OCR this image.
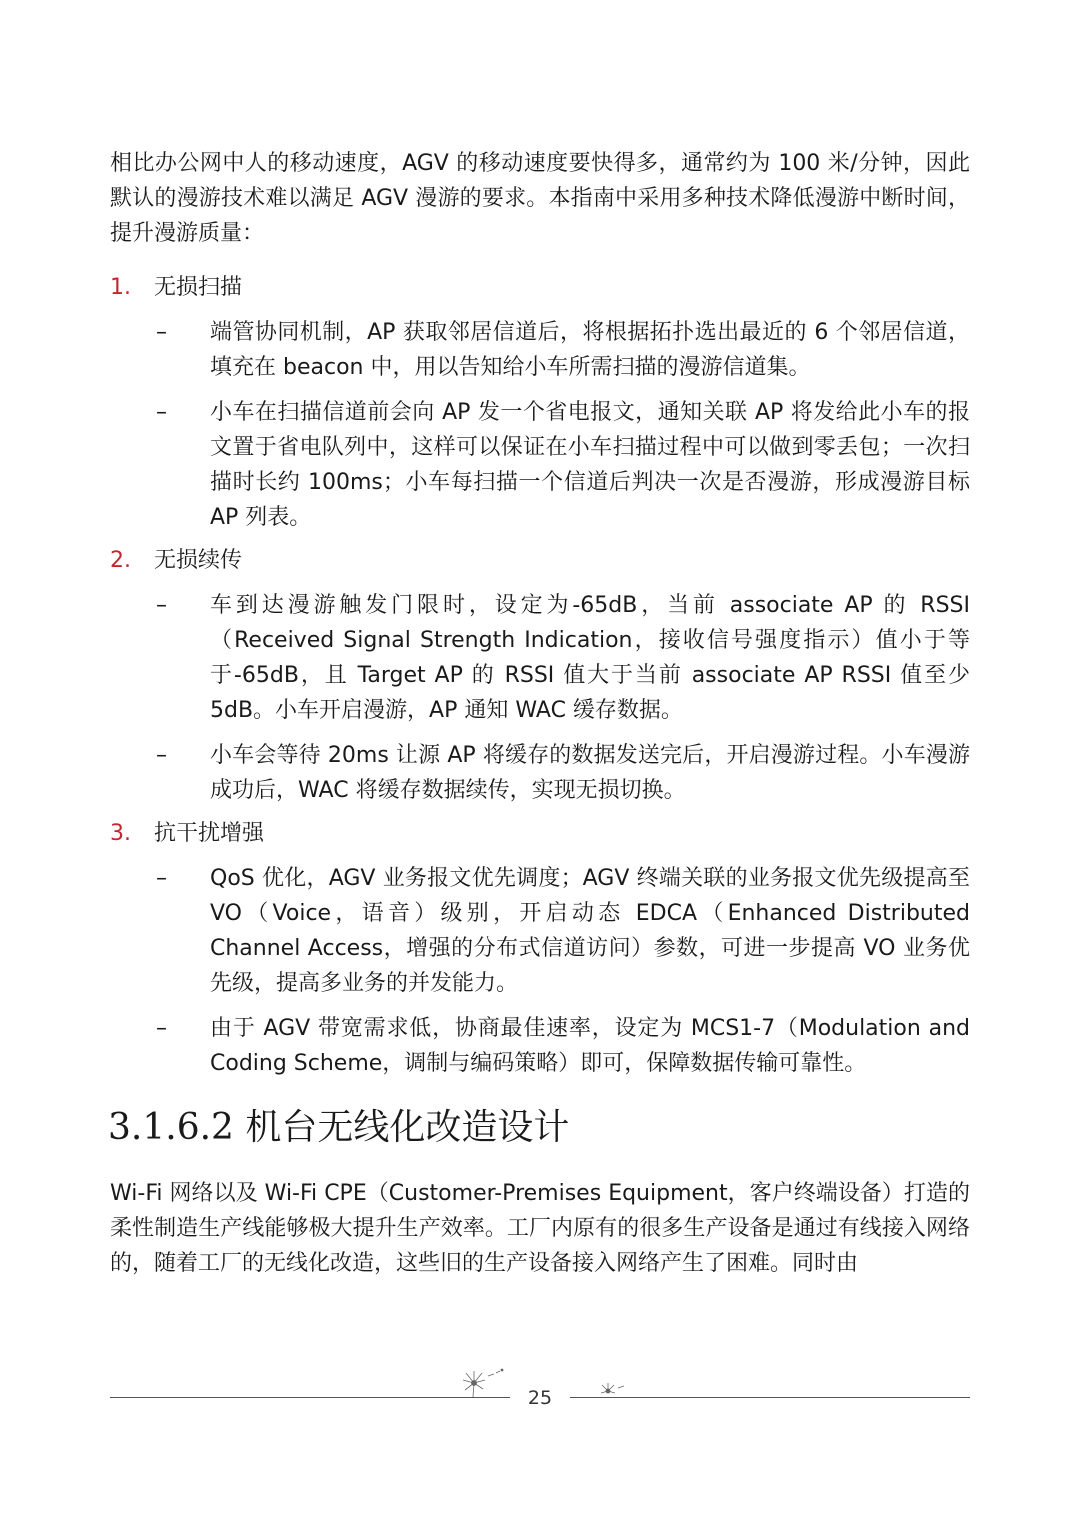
相比办公网中人的移动速度，AGV 的移动速度要快得多，通常约为 100 米/分钟，因此默认的漫游技术难以满足 AGV 漫游的要求。本指南中采用多种技术降低漫游中断时间，提升漫游质量：

1. 无损扫描
– 端管协同机制，AP 获取邻居信道后，将根据拓扑选出最近的 6 个邻居信道，填充在 beacon 中，用以告知给小车所需扫描的漫游信道集。
– 小车在扫描信道前会向 AP 发一个省电报文，通知关联 AP 将发给此小车的报文置于省电队列中，这样可以保证在小车扫描过程中可以做到零丢包；一次扫描时长约 100ms；小车每扫描一个信道后判决一次是否漫游，形成漫游目标 AP 列表。
2. 无损续传
– 车到达漫游触发门限时，设定为-65dB，当前 associate AP 的 RSSI（Received Signal Strength Indication，接收信号强度指示）值小于等于-65dB，且 Target AP 的 RSSI 值大于当前 associate AP RSSI 值至少 5dB。小车开启漫游，AP 通知 WAC 缓存数据。
– 小车会等待 20ms 让源 AP 将缓存的数据发送完后，开启漫游过程。小车漫游成功后，WAC 将缓存数据续传，实现无损切换。
3. 抗干扰增强
– QoS 优化，AGV 业务报文优先调度；AGV 终端关联的业务报文优先级提高至 VO（Voice，语音）级别，开启动态 EDCA（Enhanced Distributed Channel Access，增强的分布式信道访问）参数，可进一步提高 VO 业务优先级，提高多业务的并发能力。
– 由于 AGV 带宽需求低，协商最佳速率，设定为 MCS1-7（Modulation and Coding Scheme，调制与编码策略）即可，保障数据传输可靠性。
3.1.6.2 机台无线化改造设计

Wi-Fi 网络以及 Wi-Fi CPE（Customer-Premises Equipment，客户终端设备）打造的柔性制造生产线能够极大提升生产效率。工厂内原有的很多生产设备是通过有线接入网络的，随着工厂的无线化改造，这些旧的生产设备接入网络产生了困难。同时由

25
